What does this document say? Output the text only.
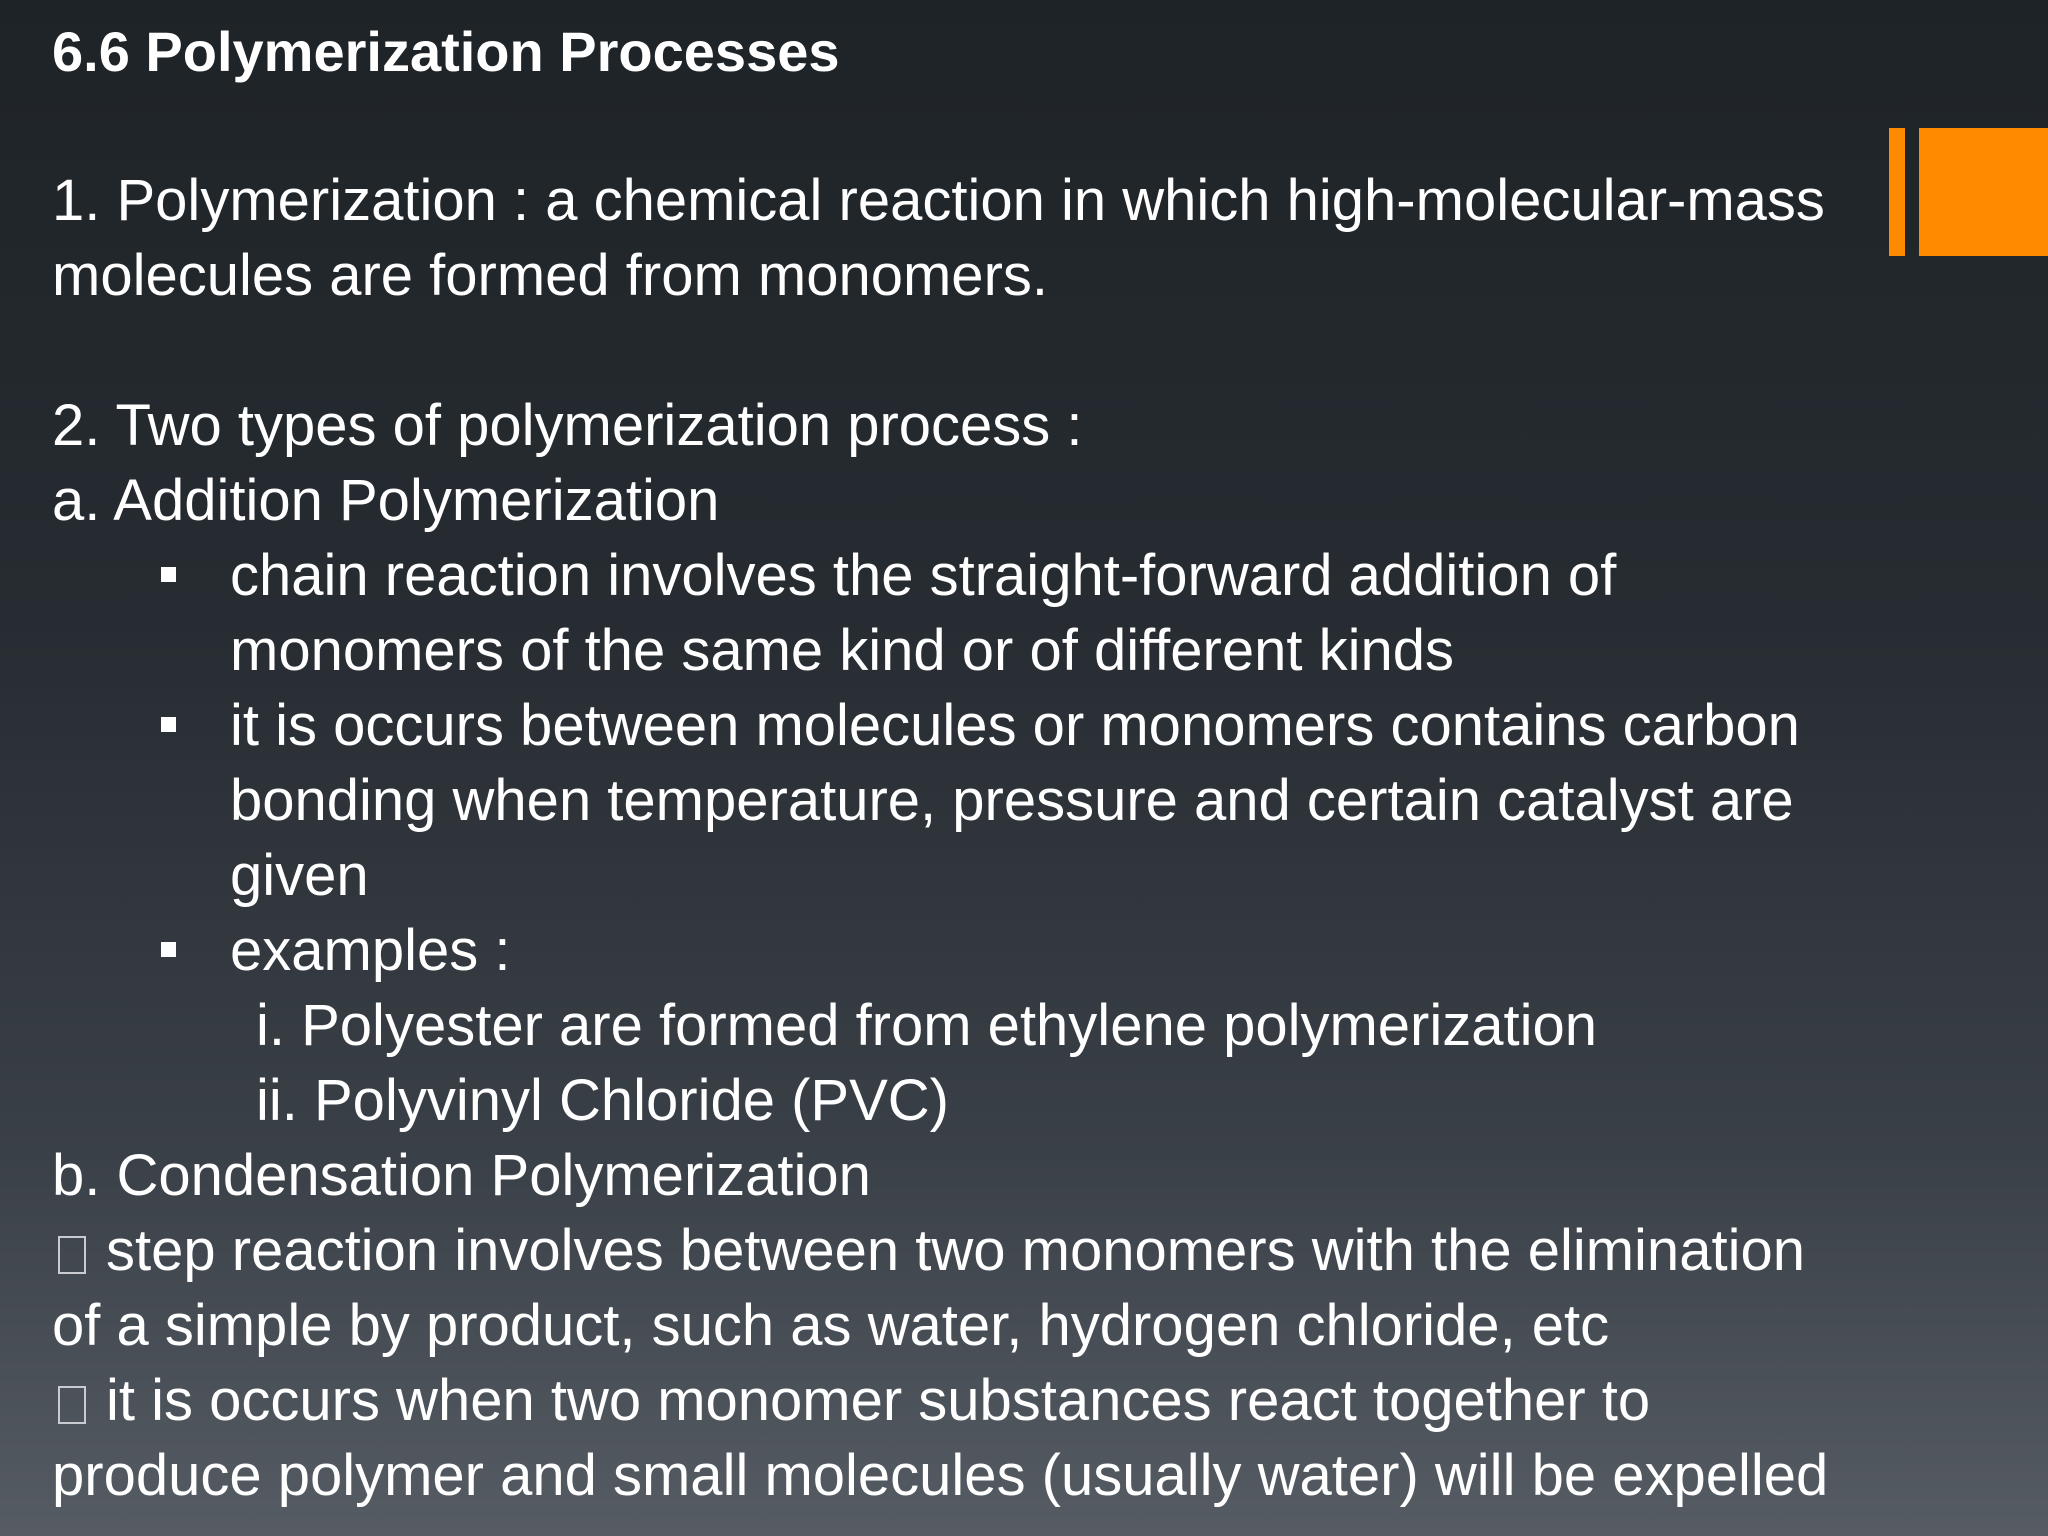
6.6 Polymerization Processes
1. Polymerization : a chemical reaction in which high-molecular-mass
molecules are formed from monomers.
2. Two types of polymerization process :
a. Addition Polymerization
chain reaction involves the straight-forward addition of
monomers of the same kind or of different kinds
it is occurs between molecules or monomers contains carbon
bonding when temperature, pressure and certain catalyst are
given
examples :
i. Polyester are formed from ethylene polymerization
ii. Polyvinyl Chloride (PVC)
b. Condensation Polymerization
step reaction involves between two monomers with the elimination
of a simple by product, such as water, hydrogen chloride, etc
it is occurs when two monomer substances react together to
produce polymer and small molecules (usually water) will be expelled
